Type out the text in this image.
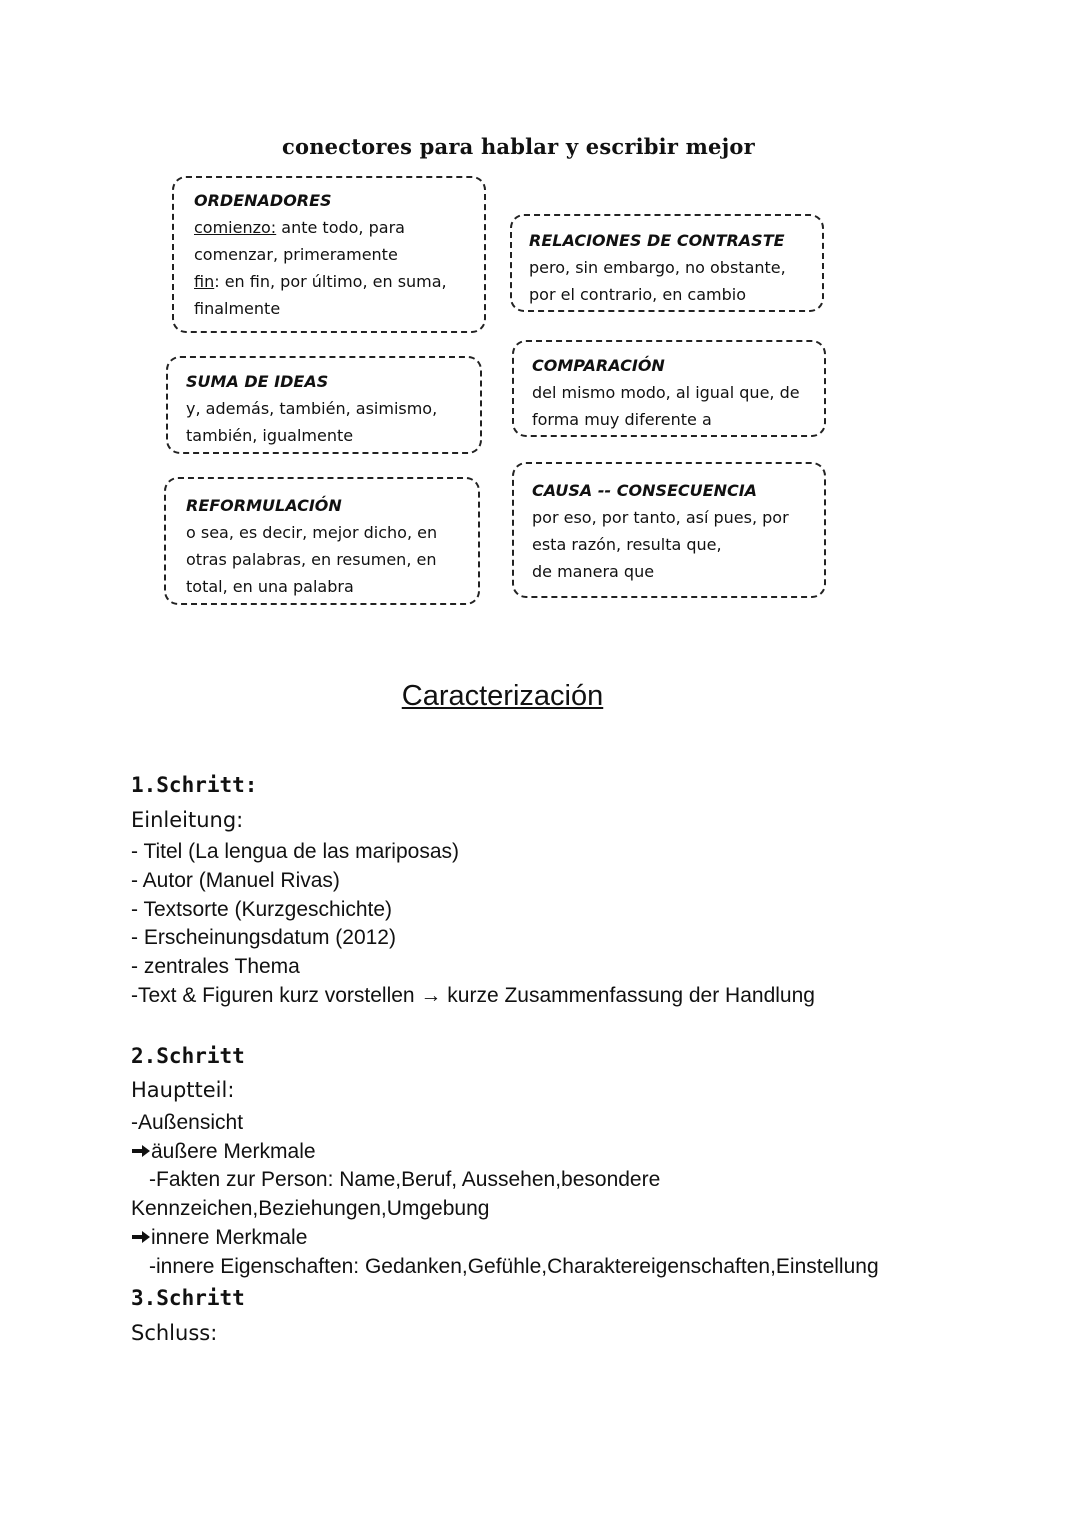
conectores para hablar y escribir mejor
ORDENADORES
comienzo: ante todo, para
comenzar, primeramente
fin: en fin, por último, en suma,
finalmente
SUMA DE IDEAS
y, además, también, asimismo,
también, igualmente
REFORMULACIÓN
o sea, es decir, mejor dicho, en
otras palabras, en resumen, en
total, en una palabra
RELACIONES DE CONTRASTE
pero, sin embargo, no obstante,
por el contrario, en cambio
COMPARACIÓN
del mismo modo, al igual que, de
forma muy diferente a
CAUSA -- CONSECUENCIA
por eso, por tanto, así pues, por
esta razón, resulta que,
de manera que
Caracterización
1.Schritt:
Einleitung:
- Titel (La lengua de las mariposas)
- Autor (Manuel Rivas)
- Textsorte (Kurzgeschichte)
- Erscheinungsdatum (2012)
- zentrales Thema
-Text & Figuren kurz vorstellen → kurze Zusammenfassung der Handlung
2.Schritt
Hauptteil:
-Außensicht
äußere Merkmale
-Fakten zur Person: Name,Beruf, Aussehen,besondere
Kennzeichen,Beziehungen,Umgebung
innere Merkmale
-innere Eigenschaften: Gedanken,Gefühle,Charaktereigenschaften,Einstellung
3.Schritt
Schluss:
